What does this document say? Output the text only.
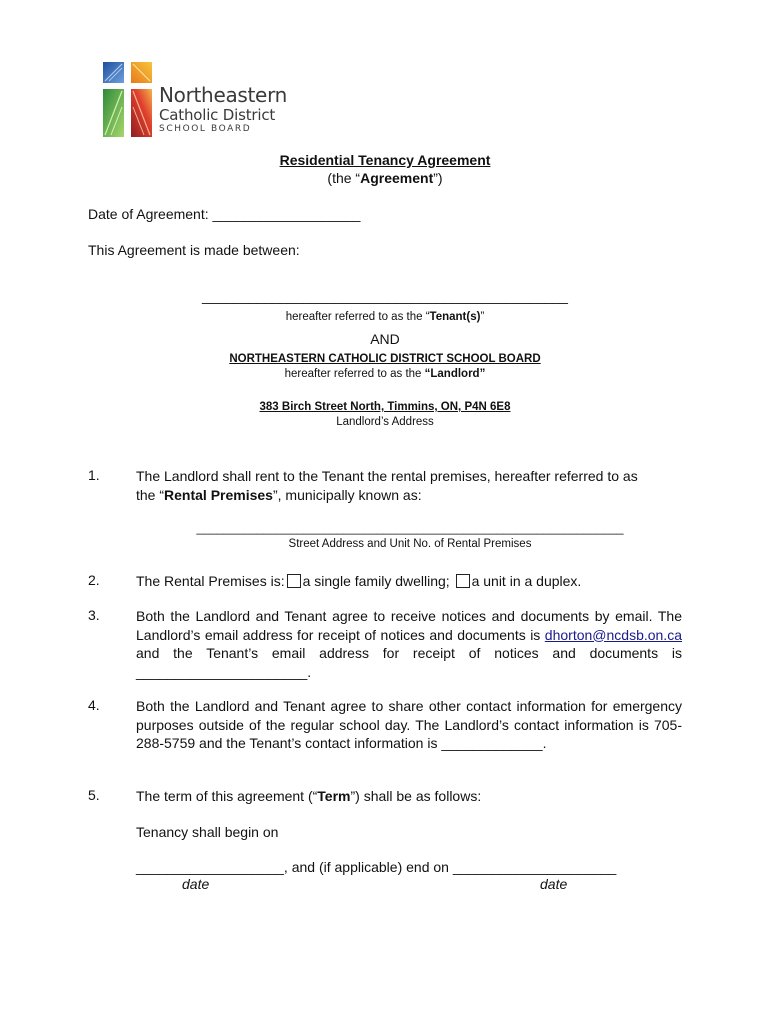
Northeastern
Catholic District
SCHOOL BOARD
Residential Tenancy Agreement
(the “Agreement”)
Date of Agreement: ___________________
This Agreement is made between:
_______________________________________________
hereafter referred to as the “Tenant(s)”
AND
NORTHEASTERN CATHOLIC DISTRICT SCHOOL BOARD
hereafter referred to as the “Landlord”
383 Birch Street North, Timmins, ON, P4N 6E8
Landlord’s Address
1.	The Landlord shall rent to the Tenant the rental premises, hereafter referred to as
the “Rental Premises”, municipally known as:
________________________________________________________________
Street Address and Unit No. of Rental Premises
2.	The Rental Premises is: a single family dwelling; a unit in a duplex.
3.	Both the Landlord and Tenant agree to receive notices and documents by email. The Landlord’s email address for receipt of notices and documents is dhorton@ncdsb.on.ca and the Tenant’s email address for receipt of notices and documents is ______________________.
4.	Both the Landlord and Tenant agree to share other contact information for emergency purposes outside of the regular school day. The Landlord’s contact information is 705-288-5759 and the Tenant’s contact information is _____________.
5.	The term of this agreement (“Term”) shall be as follows:
Tenancy shall begin on
___________________, and (if applicable) end on _____________________
date	date
